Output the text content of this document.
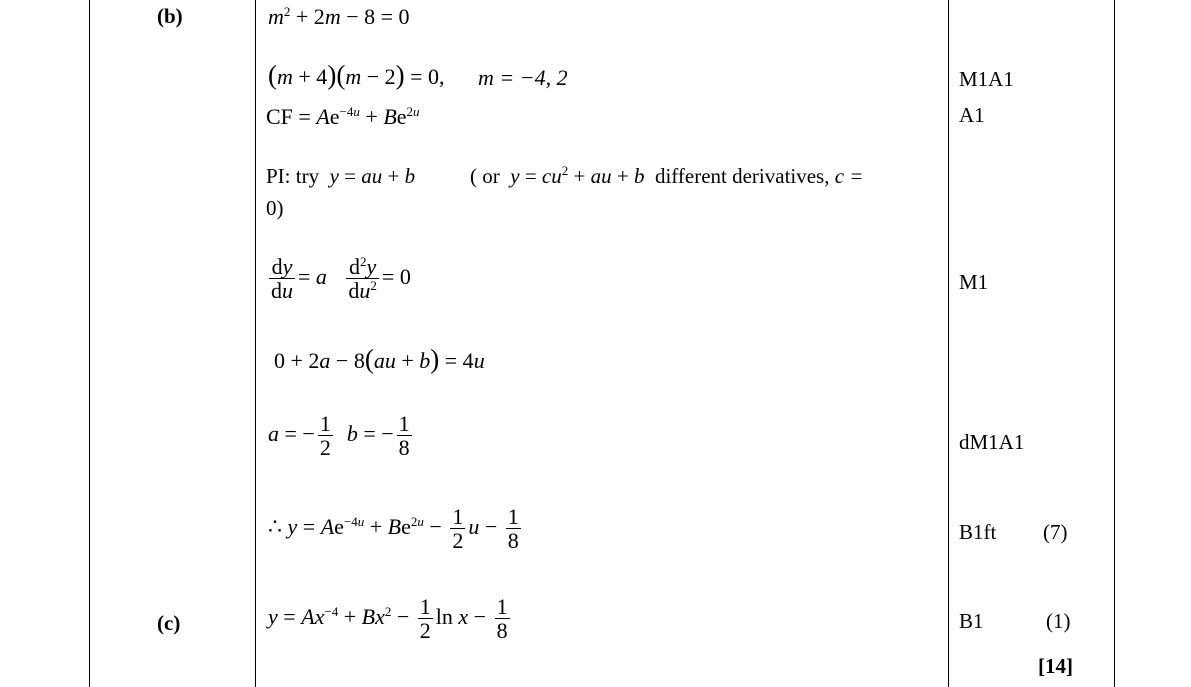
(b)	$m^2 + 2m - 8 = 0$
(m + 4)(m − 2) = 0, m = −4, 2	M1A1
CF = $Ae^{-4u} + Be^{2u}$	A1
PI: try  y = au + b	( or  $y = cu^2$ + au + b different derivatives, c =
0)
$\frac{dy}{du} = a \frac{d^2y}{du^2} = 0$	M1
0 + 2a − 8(au + b) = 4u
a = − $\frac{1}{2}$ b = − $\frac{1}{8}$	dM1A1
∴ $y = Ae^{-4u} + Be^{2u} - \frac{1}{2}$ $u - \frac{1}{8}$	B1ft (7)
(c)	$y = Ax^{-4} + Bx^2 - \frac{1}{2}$ $\ln x - \frac{1}{8}$	B1	(1)
[14]
